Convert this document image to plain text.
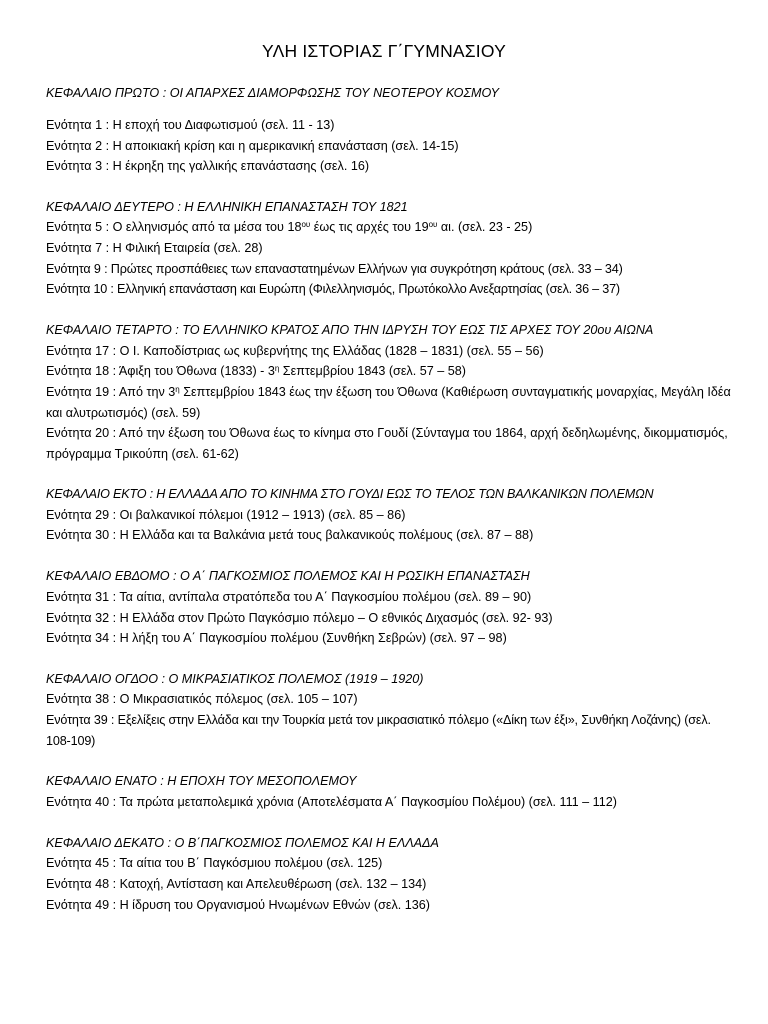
ΥΛΗ ΙΣΤΟΡΙΑΣ Γ΄ΓΥΜΝΑΣΙΟΥ
ΚΕΦΑΛΑΙΟ ΠΡΩΤΟ : ΟΙ ΑΠΑΡΧΕΣ ΔΙΑΜΟΡΦΩΣΗΣ ΤΟΥ ΝΕΟΤΕΡΟΥ ΚΟΣΜΟΥ
Ενότητα 1 : Η εποχή του Διαφωτισμού (σελ. 11 - 13)
Ενότητα 2 : Η αποικιακή κρίση και η αμερικανική επανάσταση (σελ. 14-15)
Ενότητα 3 : Η έκρηξη της γαλλικής επανάστασης (σελ. 16)
ΚΕΦΑΛΑΙΟ ΔΕΥΤΕΡΟ : Η ΕΛΛΗΝΙΚΗ ΕΠΑΝΑΣΤΑΣΗ ΤΟΥ 1821
Ενότητα 5 : Ο ελληνισμός από τα μέσα του $18^{o\upsilon}$ έως τις αρχές του $19^{o\upsilon}$ αι. (σελ. 23 - 25)
Ενότητα 7 : Η Φιλική Εταιρεία (σελ. 28)
Ενότητα 9 : Πρώτες προσπάθειες των επαναστατημένων Ελλήνων για συγκρότηση κράτους (σελ. 33 – 34)
Ενότητα 10 : Ελληνική επανάσταση και Ευρώπη (Φιλελληνισμός, Πρωτόκολλο Ανεξαρτησίας (σελ. 36 – 37)
ΚΕΦΑΛΑΙΟ ΤΕΤΑΡΤΟ : ΤΟ ΕΛΛΗΝΙΚΟ ΚΡΑΤΟΣ ΑΠΟ ΤΗΝ ΙΔΡΥΣΗ ΤΟΥ ΕΩΣ ΤΙΣ ΑΡΧΕΣ ΤΟΥ 20ου ΑΙΩΝΑ
Ενότητα 17 : Ο Ι. Καποδίστριας ως κυβερνήτης της Ελλάδας (1828 – 1831) (σελ. 55 – 56)
Ενότητα 18 : Άφιξη του Όθωνα $(1833) - 3^\eta$ Σεπτεμβρίου 1843 (σελ. 57 – 58)
Ενότητα 19 : Από την $3^\eta$ Σεπτεμβρίου 1843 έως την έξωση του Όθωνα (Καθιέρωση συνταγματικής μοναρχίας, Μεγάλη Ιδέα και αλυτρωτισμός) (σελ. 59)
Ενότητα 20 : Από την έξωση του Όθωνα έως το κίνημα στο Γουδί (Σύνταγμα του 1864, αρχή δεδηλωμένης, δικομματισμός, πρόγραμμα Τρικούπη (σελ. 61-62)
ΚΕΦΑΛΑΙΟ ΕΚΤΟ : Η ΕΛΛΑΔΑ ΑΠΟ ΤΟ ΚΙΝΗΜΑ ΣΤΟ ΓΟΥΔΙ ΕΩΣ ΤΟ ΤΕΛΟΣ ΤΩΝ ΒΑΛΚΑΝΙΚΩΝ ΠΟΛΕΜΩΝ
Ενότητα 29 : Οι βαλκανικοί πόλεμοι (1912 – 1913) (σελ. 85 – 86)
Ενότητα 30 : Η Ελλάδα και τα Βαλκάνια μετά τους βαλκανικούς πολέμους (σελ. 87 – 88)
ΚΕΦΑΛΑΙΟ ΕΒΔΟΜΟ : Ο Α΄ ΠΑΓΚΟΣΜΙΟΣ ΠΟΛΕΜΟΣ ΚΑΙ Η ΡΩΣΙΚΗ ΕΠΑΝΑΣΤΑΣΗ
Ενότητα 31 : Τα αίτια, αντίπαλα στρατόπεδα του Α΄ Παγκοσμίου πολέμου (σελ. 89 – 90)
Ενότητα 32 : Η Ελλάδα στον Πρώτο Παγκόσμιο πόλεμο – Ο εθνικός Διχασμός (σελ. 92- 93)
Ενότητα 34 : Η λήξη του Α΄ Παγκοσμίου πολέμου (Συνθήκη Σεβρών) (σελ. 97 – 98)
ΚΕΦΑΛΑΙΟ ΟΓΔΟΟ : Ο ΜΙΚΡΑΣΙΑΤΙΚΟΣ ΠΟΛΕΜΟΣ (1919 – 1920)
Ενότητα 38 : Ο Μικρασιατικός πόλεμος (σελ. 105 – 107)
Ενότητα 39 : Εξελίξεις στην Ελλάδα και την Τουρκία μετά τον μικρασιατικό πόλεμο («Δίκη των έξι», Συνθήκη Λοζάνης) (σελ. 108-109)
ΚΕΦΑΛΑΙΟ ΕΝΑΤΟ : Η ΕΠΟΧΗ ΤΟΥ ΜΕΣΟΠΟΛΕΜΟΥ
Ενότητα 40 : Τα πρώτα μεταπολεμικά χρόνια (Αποτελέσματα Α΄ Παγκοσμίου Πολέμου) (σελ. 111 – 112)
ΚΕΦΑΛΑΙΟ ΔΕΚΑΤΟ : Ο Β΄ΠΑΓΚΟΣΜΙΟΣ ΠΟΛΕΜΟΣ ΚΑΙ Η ΕΛΛΑΔΑ
Ενότητα 45 : Τα αίτια του Β΄ Παγκόσμιου πολέμου (σελ. 125)
Ενότητα 48 : Κατοχή, Αντίσταση και Απελευθέρωση (σελ. 132 – 134)
Ενότητα 49 : Η ίδρυση του Οργανισμού Ηνωμένων Εθνών (σελ. 136)
